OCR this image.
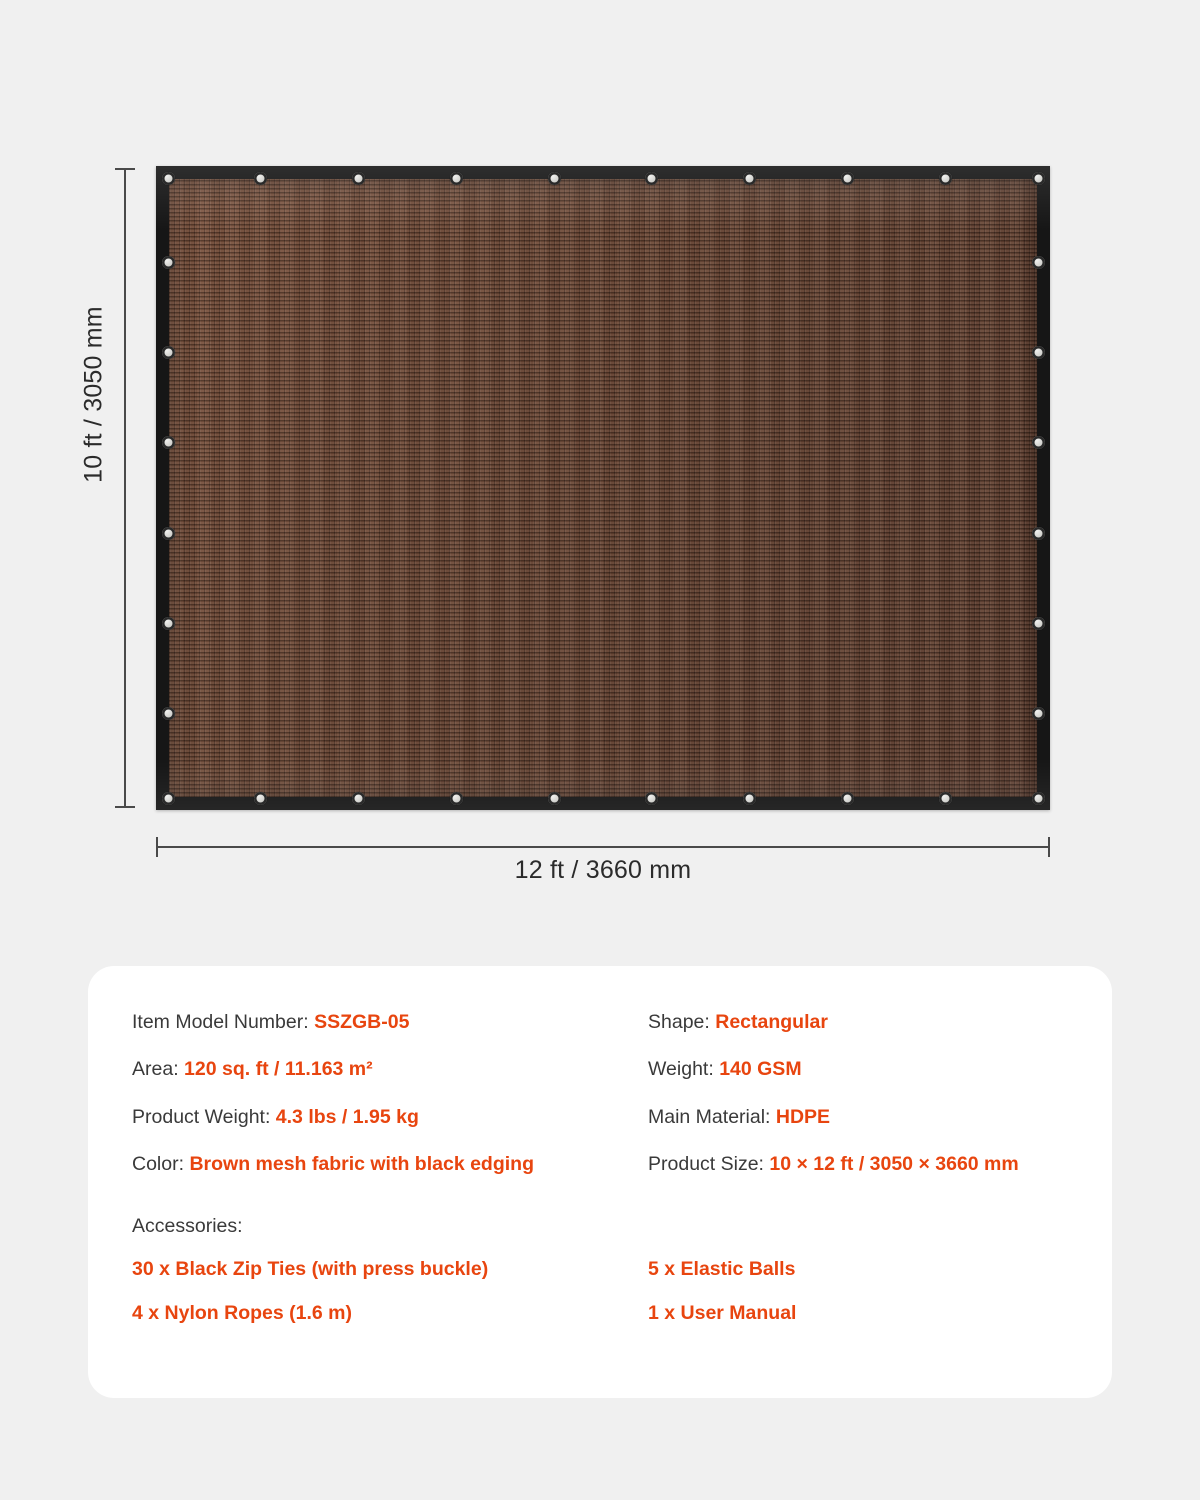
10 ft / 3050 mm
12 ft / 3660 mm
Item Model Number: SSZGB-05	Shape: Rectangular
Area: 120 sq. ft / 11.163 m²	Weight: 140 GSM
Product Weight: 4.3 lbs / 1.95 kg	Main Material: HDPE
Color: Brown mesh fabric with black edging	Product Size: 10 × 12 ft / 3050 × 3660 mm
Accessories:
30 x Black Zip Ties (with press buckle)	5 x Elastic Balls
4 x Nylon Ropes (1.6 m)	1 x User Manual
